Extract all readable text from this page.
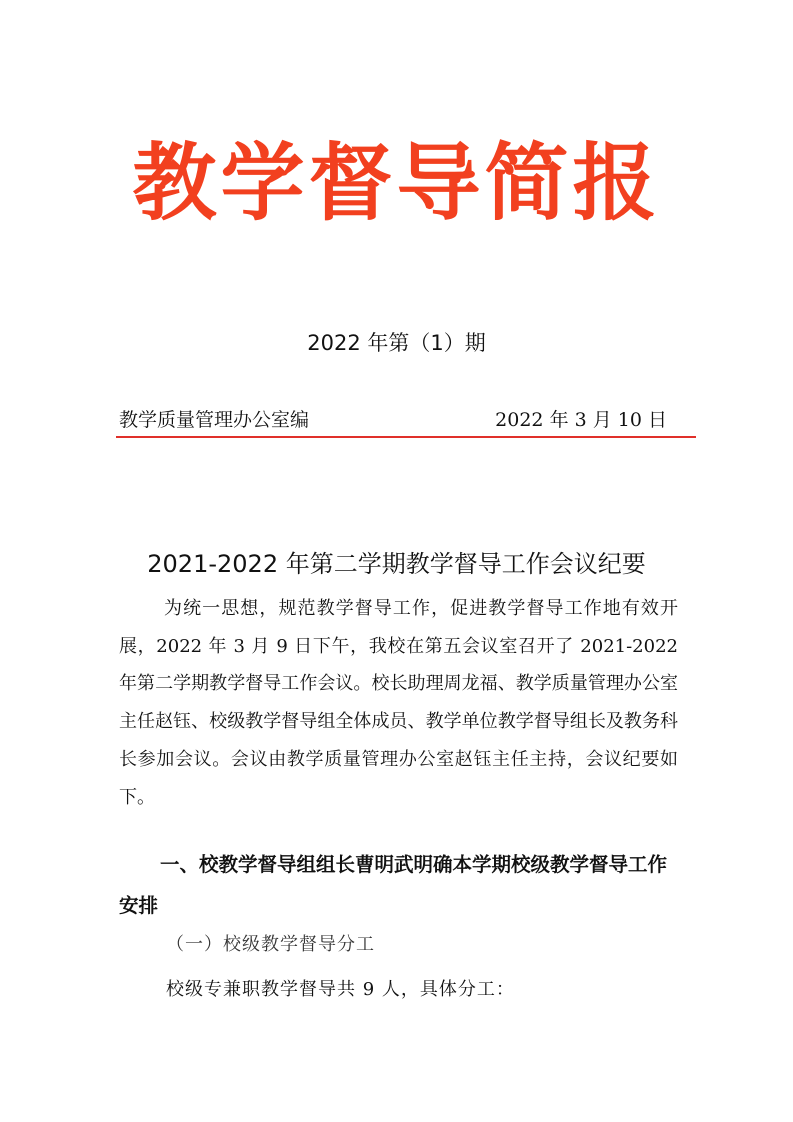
教学督导简报
2022 年第（1）期
教学质量管理办公室编	2022 年 3 月 10 日
2021-2022 年第二学期教学督导工作会议纪要

为统一思想，规范教学督导工作，促进教学督导工作地有效开展，2022 年 3 月 9 日下午，我校在第五会议室召开了 2021-2022 年第二学期教学督导工作会议。校长助理周龙福、教学质量管理办公室主任赵钰、校级教学督导组全体成员、教学单位教学督导组长及教务科长参加会议。会议由教学质量管理办公室赵钰主任主持，会议纪要如下。

一、校教学督导组组长曹明武明确本学期校级教学督导工作安排

（一）校级教学督导分工
校级专兼职教学督导共 9 人，具体分工：
